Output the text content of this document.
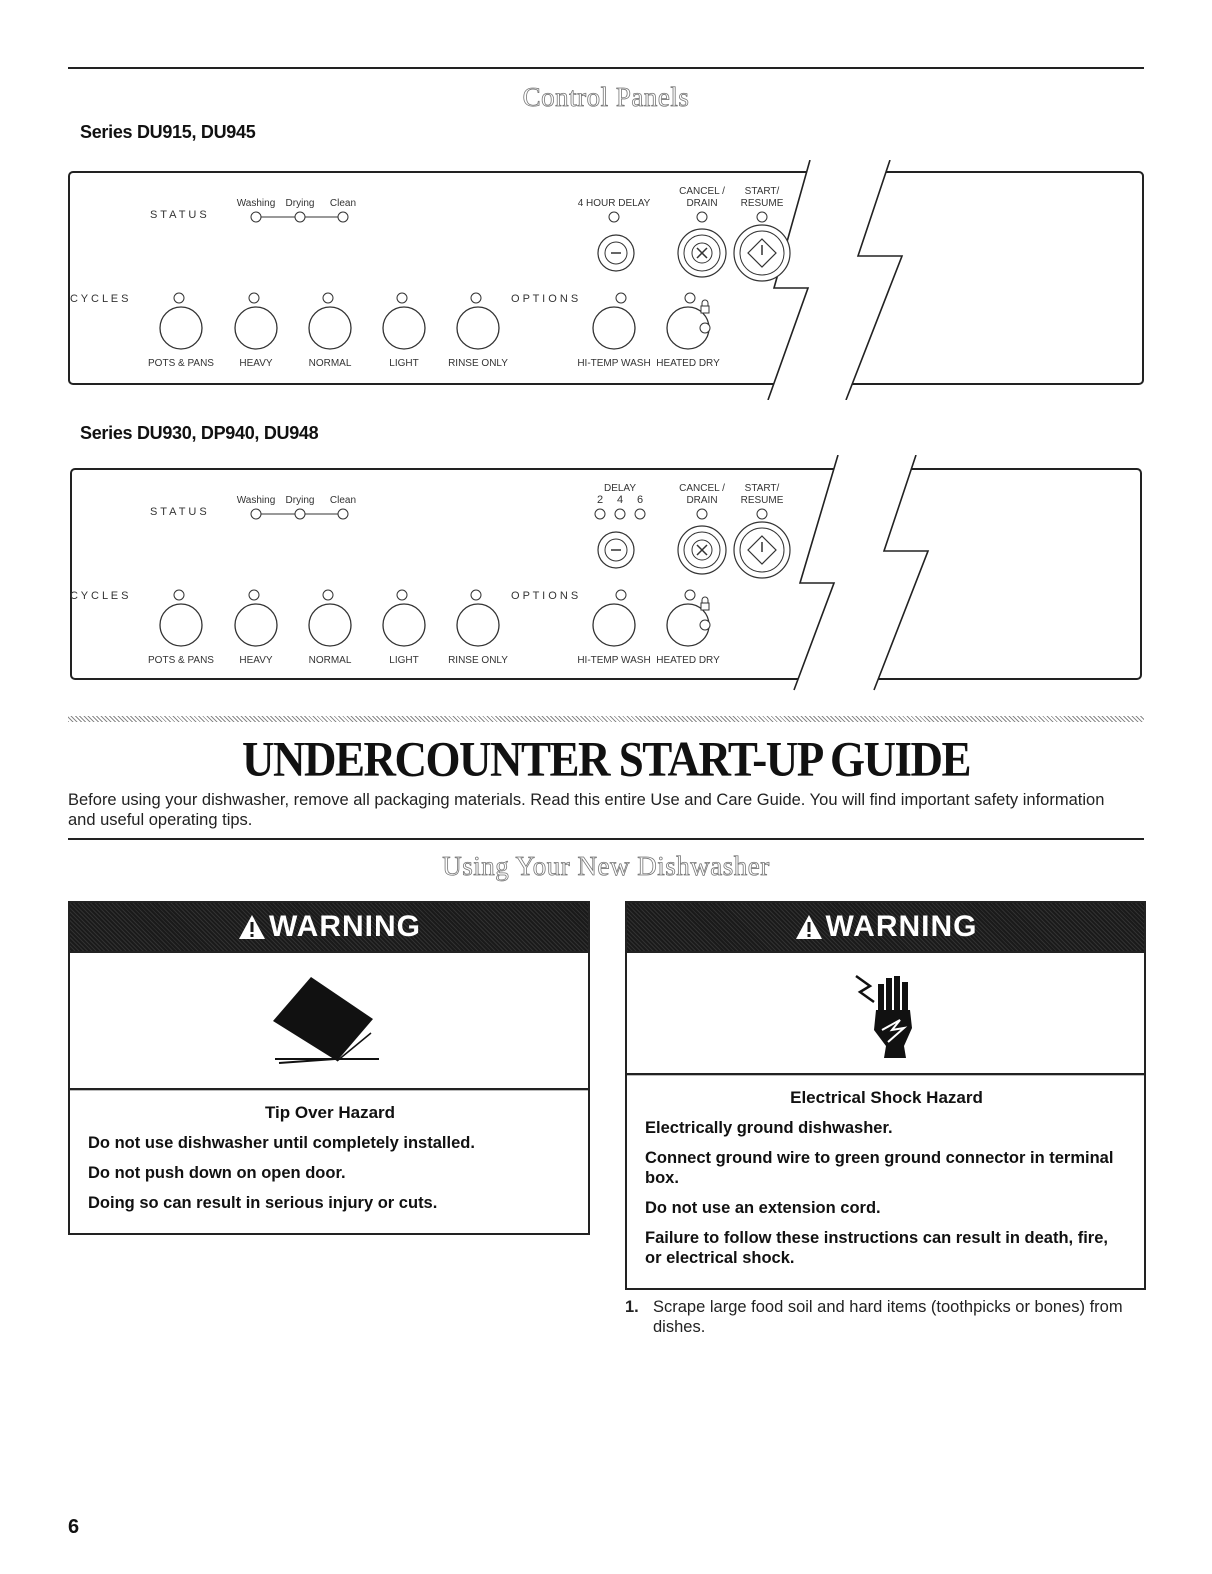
Control Panels
Series DU915, DU945
S T A T U S
Washing Drying Clean	4 HOUR DELAY
CANCEL /
DRAIN
START/
RESUME
C Y C L E S	O P T I O N S
POTS & PANS	HEAVY	NORMAL	LIGHT	RINSE ONLY	HI-TEMP WASH HEATED DRY
Series DU930, DP940, DU948
S T A T U S
Washing Drying Clean
DELAY
2 4 6
CANCEL /
DRAIN
START/
RESUME
C Y C L E S	O P T I O N S
POTS & PANS	HEAVY	NORMAL	LIGHT	RINSE ONLY	HI-TEMP WASH HEATED DRY
UNDERCOUNTER START-UP GUIDE
Before using your dishwasher, remove all packaging materials. Read this entire Use and Care Guide. You will find important safety information and useful operating tips.
Using Your New Dishwasher
WARNING
Tip Over Hazard
Do not use dishwasher until completely installed.
Do not push down on open door.
Doing so can result in serious injury or cuts.
WARNING
Electrical Shock Hazard
Electrically ground dishwasher.
Connect ground wire to green ground connector in terminal box.
Do not use an extension cord.
Failure to follow these instructions can result in death, fire, or electrical shock.
1. Scrape large food soil and hard items (toothpicks or bones) from dishes.
6
